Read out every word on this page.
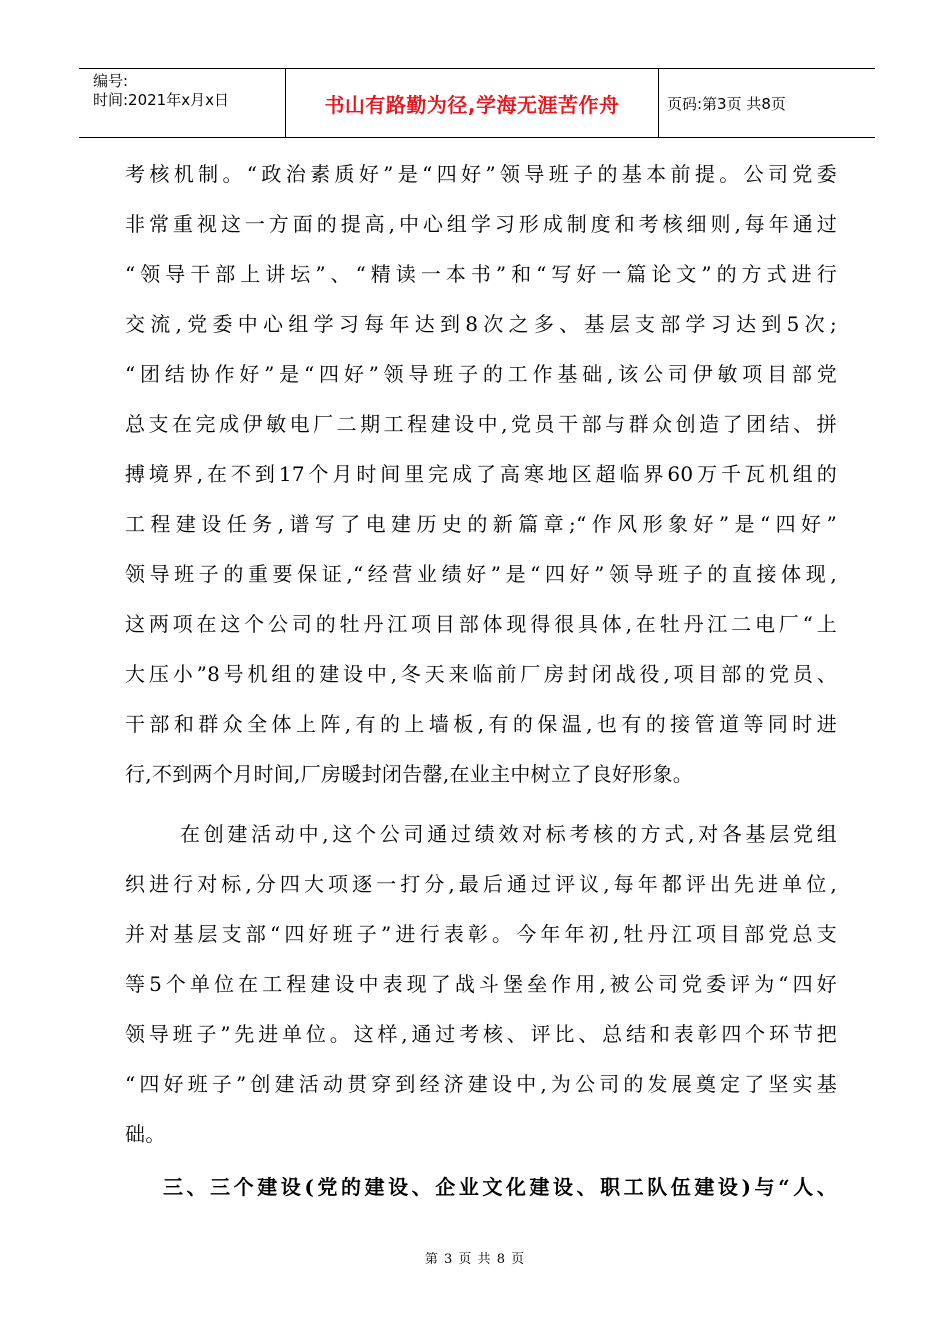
编号:
时间:2021年x月x日	书山有路勤为径,学海无涯苦作舟	页码:第3页 共8页
考核机制。“政治素质好”是“四好”领导班子的基本前提。公司党委
非常重视这一方面的提高,中心组学习形成制度和考核细则,每年通过
“领导干部上讲坛”、“精读一本书”和“写好一篇论文”的方式进行
交流,党委中心组学习每年达到8次之多、基层支部学习达到5次;
“团结协作好”是“四好”领导班子的工作基础,该公司伊敏项目部党
总支在完成伊敏电厂二期工程建设中,党员干部与群众创造了团结、拼
搏境界,在不到17个月时间里完成了高寒地区超临界60万千瓦机组的
工程建设任务,谱写了电建历史的新篇章;“作风形象好”是“四好”
领导班子的重要保证,“经营业绩好”是“四好”领导班子的直接体现,
这两项在这个公司的牡丹江项目部体现得很具体,在牡丹江二电厂“上
大压小”8号机组的建设中,冬天来临前厂房封闭战役,项目部的党员、
干部和群众全体上阵,有的上墙板,有的保温,也有的接管道等同时进
行,不到两个月时间,厂房暖封闭告罄,在业主中树立了良好形象。
在创建活动中,这个公司通过绩效对标考核的方式,对各基层党组
织进行对标,分四大项逐一打分,最后通过评议,每年都评出先进单位,
并对基层支部“四好班子”进行表彰。今年年初,牡丹江项目部党总支
等5个单位在工程建设中表现了战斗堡垒作用,被公司党委评为“四好
领导班子”先进单位。这样,通过考核、评比、总结和表彰四个环节把
“四好班子”创建活动贯穿到经济建设中,为公司的发展奠定了坚实基
础。
三、三个建设(党的建设、企业文化建设、职工队伍建设)与“人、
第 3 页 共 8 页
